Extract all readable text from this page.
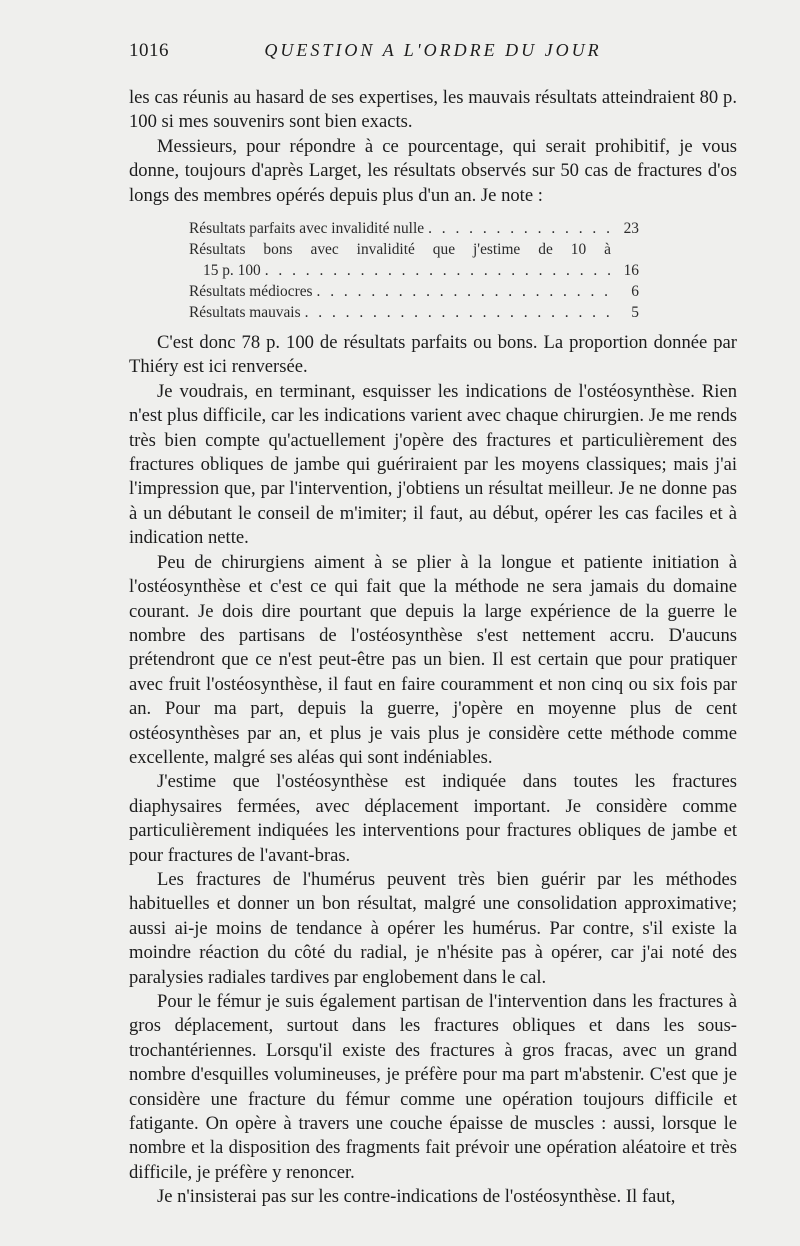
1016	QUESTION A L'ORDRE DU JOUR

les cas réunis au hasard de ses expertises, les mauvais résultats atteindraient 80 p. 100 si mes souvenirs sont bien exacts.

Messieurs, pour répondre à ce pourcentage, qui serait prohibitif, je vous donne, toujours d'après Larget, les résultats observés sur 50 cas de fractures d'os longs des membres opérés depuis plus d'un an. Je note :

Résultats parfaits avec invalidité nulle . . .	23
Résultats bons avec invalidité que j'estime de 10 à
15 p. 100 . . .	16
Résultats médiocres . . .	6
Résultats mauvais . . .	5

C'est donc 78 p. 100 de résultats parfaits ou bons. La proportion donnée par Thiéry est ici renversée.

Je voudrais, en terminant, esquisser les indications de l'ostéosynthèse. Rien n'est plus difficile, car les indications varient avec chaque chirurgien. Je me rends très bien compte qu'actuellement j'opère des fractures et particulièrement des fractures obliques de jambe qui guériraient par les moyens classiques; mais j'ai l'impression que, par l'intervention, j'obtiens un résultat meilleur. Je ne donne pas à un débutant le conseil de m'imiter; il faut, au début, opérer les cas faciles et à indication nette.

Peu de chirurgiens aiment à se plier à la longue et patiente initiation à l'ostéosynthèse et c'est ce qui fait que la méthode ne sera jamais du domaine courant. Je dois dire pourtant que depuis la large expérience de la guerre le nombre des partisans de l'ostéosynthèse s'est nettement accru. D'aucuns prétendront que ce n'est peut-être pas un bien. Il est certain que pour pratiquer avec fruit l'ostéosynthèse, il faut en faire couramment et non cinq ou six fois par an. Pour ma part, depuis la guerre, j'opère en moyenne plus de cent ostéosynthèses par an, et plus je vais plus je considère cette méthode comme excellente, malgré ses aléas qui sont indéniables.

J'estime que l'ostéosynthèse est indiquée dans toutes les fractures diaphysaires fermées, avec déplacement important. Je considère comme particulièrement indiquées les interventions pour fractures obliques de jambe et pour fractures de l'avant-bras.

Les fractures de l'humérus peuvent très bien guérir par les méthodes habituelles et donner un bon résultat, malgré une consolidation approximative; aussi ai-je moins de tendance à opérer les humérus. Par contre, s'il existe la moindre réaction du côté du radial, je n'hésite pas à opérer, car j'ai noté des paralysies radiales tardives par englobement dans le cal.

Pour le fémur je suis également partisan de l'intervention dans les fractures à gros déplacement, surtout dans les fractures obliques et dans les sous-trochantériennes. Lorsqu'il existe des fractures à gros fracas, avec un grand nombre d'esquilles volumineuses, je préfère pour ma part m'abstenir. C'est que je considère une fracture du fémur comme une opération toujours difficile et fatigante. On opère à travers une couche épaisse de muscles : aussi, lorsque le nombre et la disposition des fragments fait prévoir une opération aléatoire et très difficile, je préfère y renoncer.

Je n'insisterai pas sur les contre-indications de l'ostéosynthèse. Il faut,
